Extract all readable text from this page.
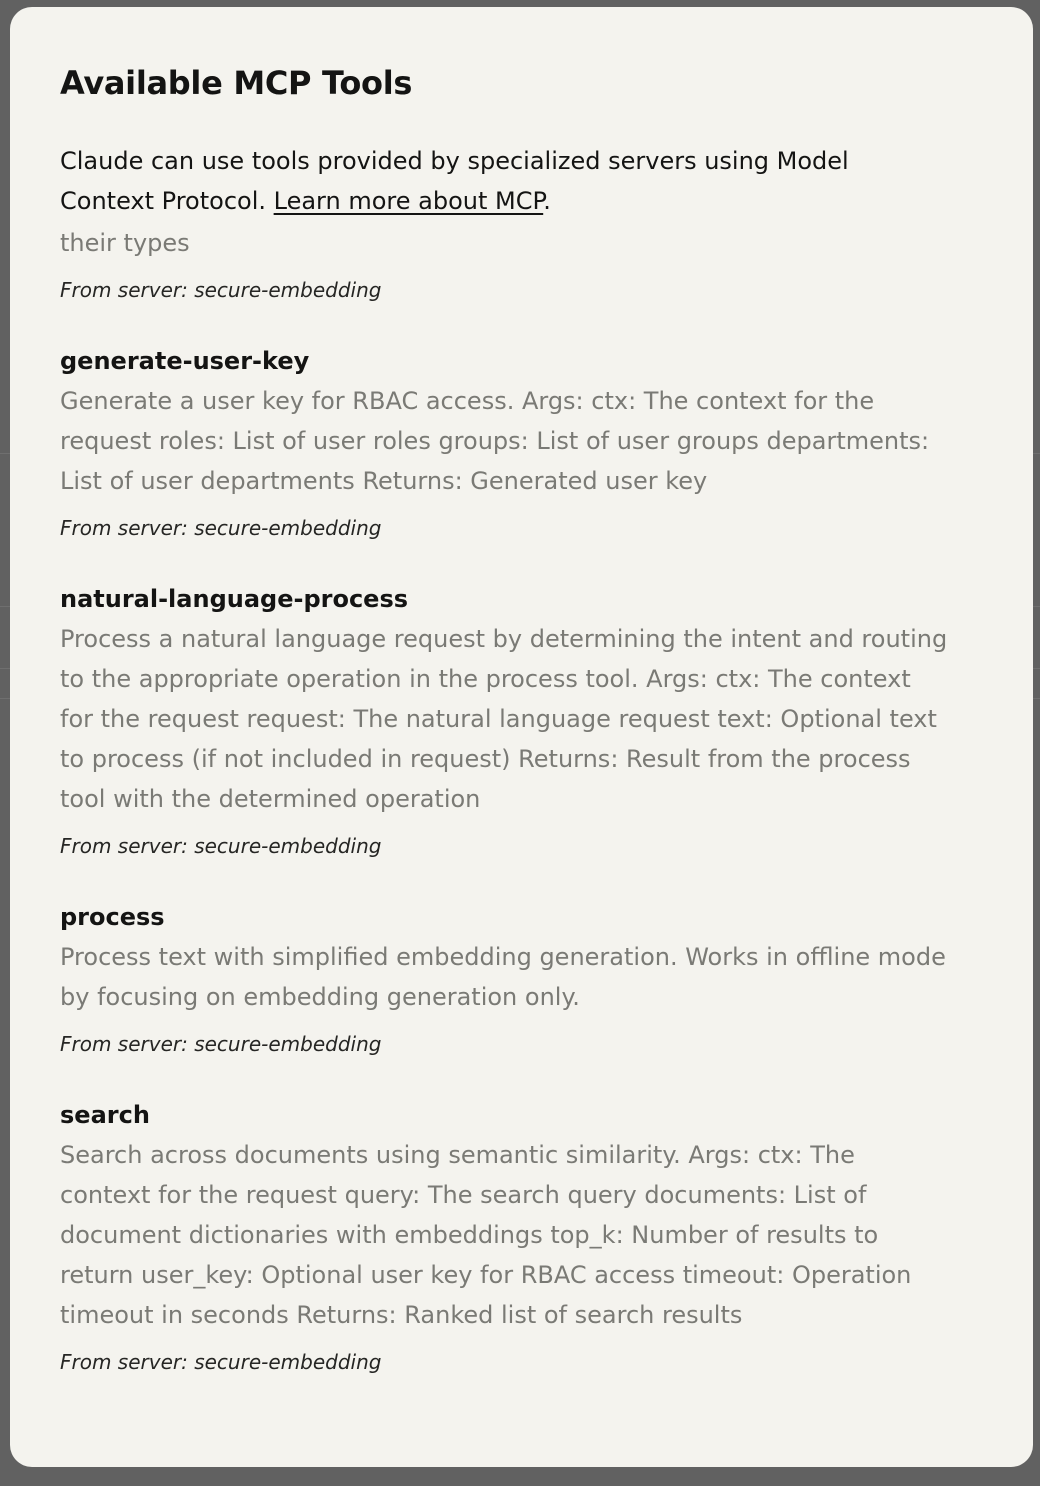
Available MCP Tools

Claude can use tools provided by specialized servers using Model Context Protocol. Learn more about MCP.

their types

From server: secure-embedding

generate-user-key

Generate a user key for RBAC access. Args: ctx: The context for the request roles: List of user roles groups: List of user groups departments: List of user departments Returns: Generated user key

From server: secure-embedding

natural-language-process

Process a natural language request by determining the intent and routing to the appropriate operation in the process tool. Args: ctx: The context for the request request: The natural language request text: Optional text to process (if not included in request) Returns: Result from the process tool with the determined operation

From server: secure-embedding

process

Process text with simplified embedding generation. Works in offline mode by focusing on embedding generation only.

From server: secure-embedding

search

Search across documents using semantic similarity. Args: ctx: The context for the request query: The search query documents: List of document dictionaries with embeddings top_k: Number of results to return user_key: Optional user key for RBAC access timeout: Operation timeout in seconds Returns: Ranked list of search results

From server: secure-embedding
